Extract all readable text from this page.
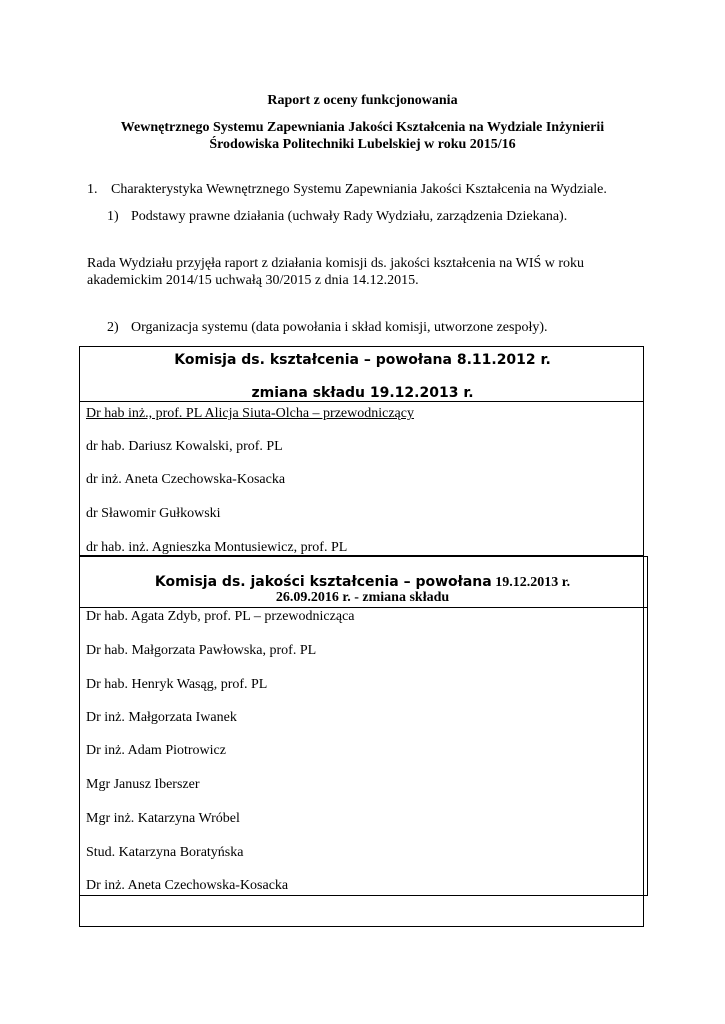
Raport z oceny funkcjonowania
Wewnętrznego Systemu Zapewniania Jakości Kształcenia na Wydziale Inżynierii
Środowiska Politechniki Lubelskiej w roku 2015/16
1. Charakterystyka Wewnętrznego Systemu Zapewniania Jakości Kształcenia na Wydziale.
1) Podstawy prawne działania (uchwały Rady Wydziału, zarządzenia Dziekana).
Rada Wydziału przyjęła raport z działania komisji ds. jakości kształcenia na WIŚ w roku
akademickim 2014/15 uchwałą 30/2015 z dnia 14.12.2015.
2) Organizacja systemu (data powołania i skład komisji, utworzone zespoły).
Komisja ds. kształcenia – powołana 8.11.2012 r.
zmiana składu 19.12.2013 r.
Dr hab inż., prof. PL Alicja Siuta-Olcha – przewodniczący
dr hab. Dariusz Kowalski, prof. PL
dr inż. Aneta Czechowska-Kosacka
dr Sławomir Gułkowski
dr hab. inż. Agnieszka Montusiewicz, prof. PL
Komisja ds. jakości kształcenia – powołana 19.12.2013 r.
26.09.2016 r. - zmiana składu
Dr hab. Agata Zdyb, prof. PL – przewodnicząca
Dr hab. Małgorzata Pawłowska, prof. PL
Dr hab. Henryk Wasąg, prof. PL
Dr inż. Małgorzata Iwanek
Dr inż. Adam Piotrowicz
Mgr Janusz Iberszer
Mgr inż. Katarzyna Wróbel
Stud. Katarzyna Boratyńska
Dr inż. Aneta Czechowska-Kosacka
